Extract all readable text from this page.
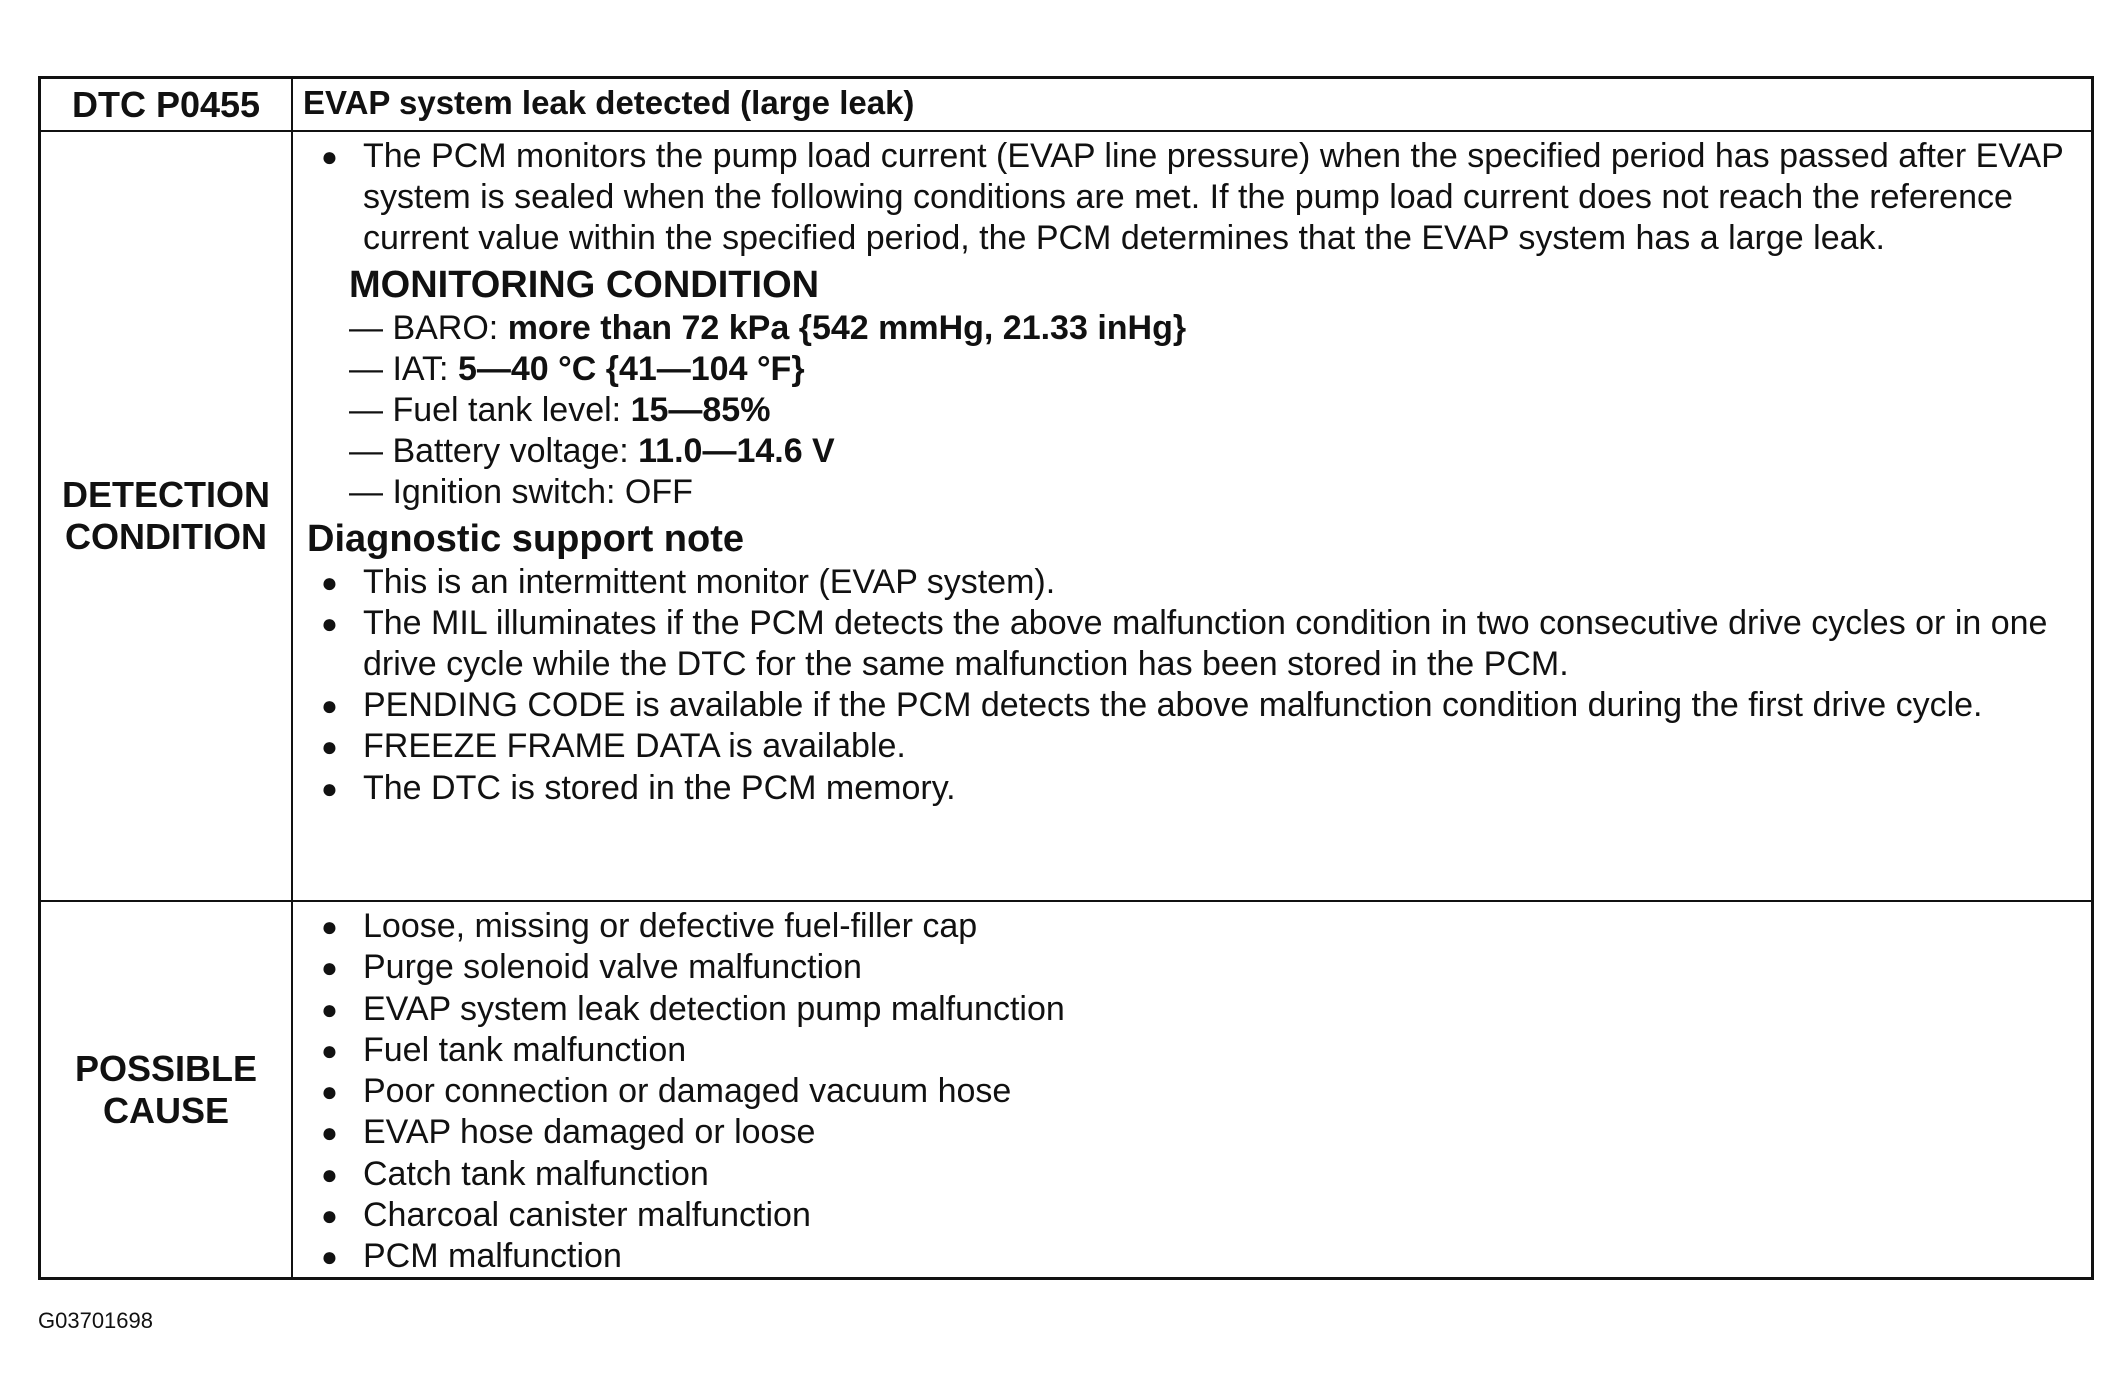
DTC P0455	EVAP system leak detected (large leak)
DETECTION
CONDITION
● The PCM monitors the pump load current (EVAP line pressure) when the specified period has passed after EVAP system is sealed when the following conditions are met. If the pump load current does not reach the reference current value within the specified period, the PCM determines that the EVAP system has a large leak.
MONITORING CONDITION
— BARO: more than 72 kPa {542 mmHg, 21.33 inHg}
— IAT: 5—40 °C {41—104 °F}
— Fuel tank level: 15—85%
— Battery voltage: 11.0—14.6 V
— Ignition switch: OFF
Diagnostic support note
● This is an intermittent monitor (EVAP system).
● The MIL illuminates if the PCM detects the above malfunction condition in two consecutive drive cycles or in one drive cycle while the DTC for the same malfunction has been stored in the PCM.
● PENDING CODE is available if the PCM detects the above malfunction condition during the first drive cycle.
● FREEZE FRAME DATA is available.
● The DTC is stored in the PCM memory.
POSSIBLE
CAUSE
● Loose, missing or defective fuel-filler cap
● Purge solenoid valve malfunction
● EVAP system leak detection pump malfunction
● Fuel tank malfunction
● Poor connection or damaged vacuum hose
● EVAP hose damaged or loose
● Catch tank malfunction
● Charcoal canister malfunction
● PCM malfunction
G03701698
